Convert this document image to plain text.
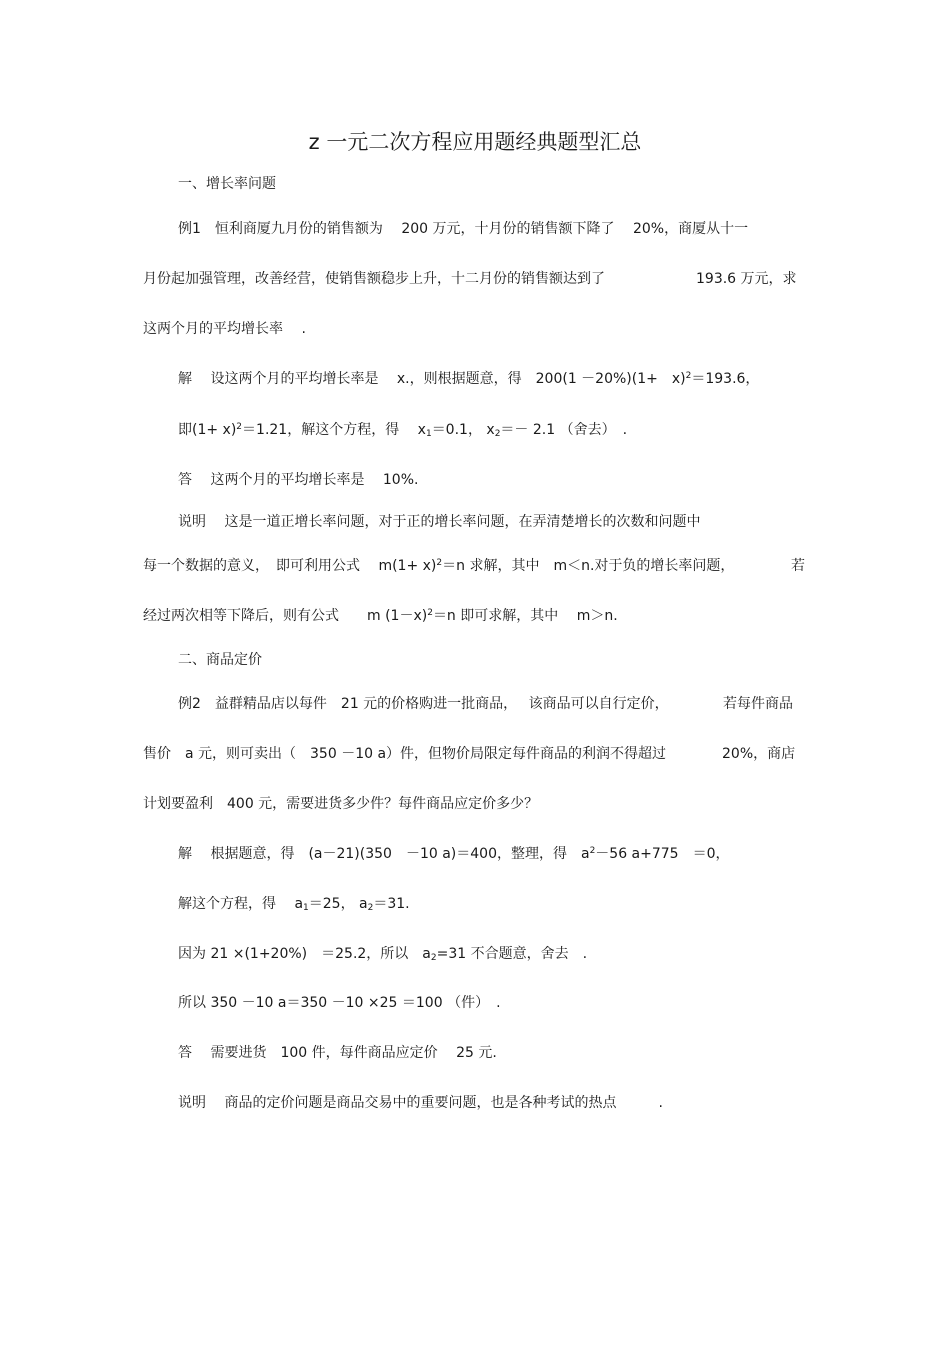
z 一元二次方程应用题经典题型汇总
一、增长率问题
例1　恒利商厦九月份的销售额为　 200 万元，十月份的销售额下降了　 20%，商厦从十一
月份起加强管理，改善经营，使销售额稳步上升，十二月份的销售额达到了	193.6 万元，求
这两个月的平均增长率　 .
解　 设这两个月的平均增长率是　 x.，则根据题意，得　200(1 －20%)(1+　x)$^2$＝193.6，
即$(1+ x)^2=1.21$，解这个方程，得　 $x_1=0.1$， $x_2=- 2.1$ （舍去）　.
答　 这两个月的平均增长率是　 10%.
说明　 这是一道正增长率问题，对于正的增长率问题，在弄清楚增长的次数和问题中
每一个数据的意义，　即可利用公式　 $m(1+ x)^2=n$ 求解，其中　m＜n.对于负的增长率问题，	若
经过两次相等下降后，则有公式　　m $(1-x)^2=n$ 即可求解，其中　 m＞n.
二、商品定价
例2　益群精品店以每件　21 元的价格购进一批商品，　 该商品可以自行定价，	若每件商品
售价　a 元，则可卖出（　350 －10 a）件，但物价局限定每件商品的利润不得超过	20%，商店
计划要盈利　400 元，需要进货多少件？每件商品应定价多少？
解　 根据题意，得　(a－21)(350　－10 a)＝400，整理，得　$a^2-56$ a+775　＝0，
解这个方程，得　 $a_1=25$， $a_2=31$.
因为 21 ×(1+20%)　＝25.2，所以　$a_2=31$ 不合题意，舍去　.
所以 350 －10 a＝350 －10 ×25 ＝100 （件）　.
答　 需要进货　100 件，每件商品应定价　 25 元.
说明　 商品的定价问题是商品交易中的重要问题，也是各种考试的热点　　　.
